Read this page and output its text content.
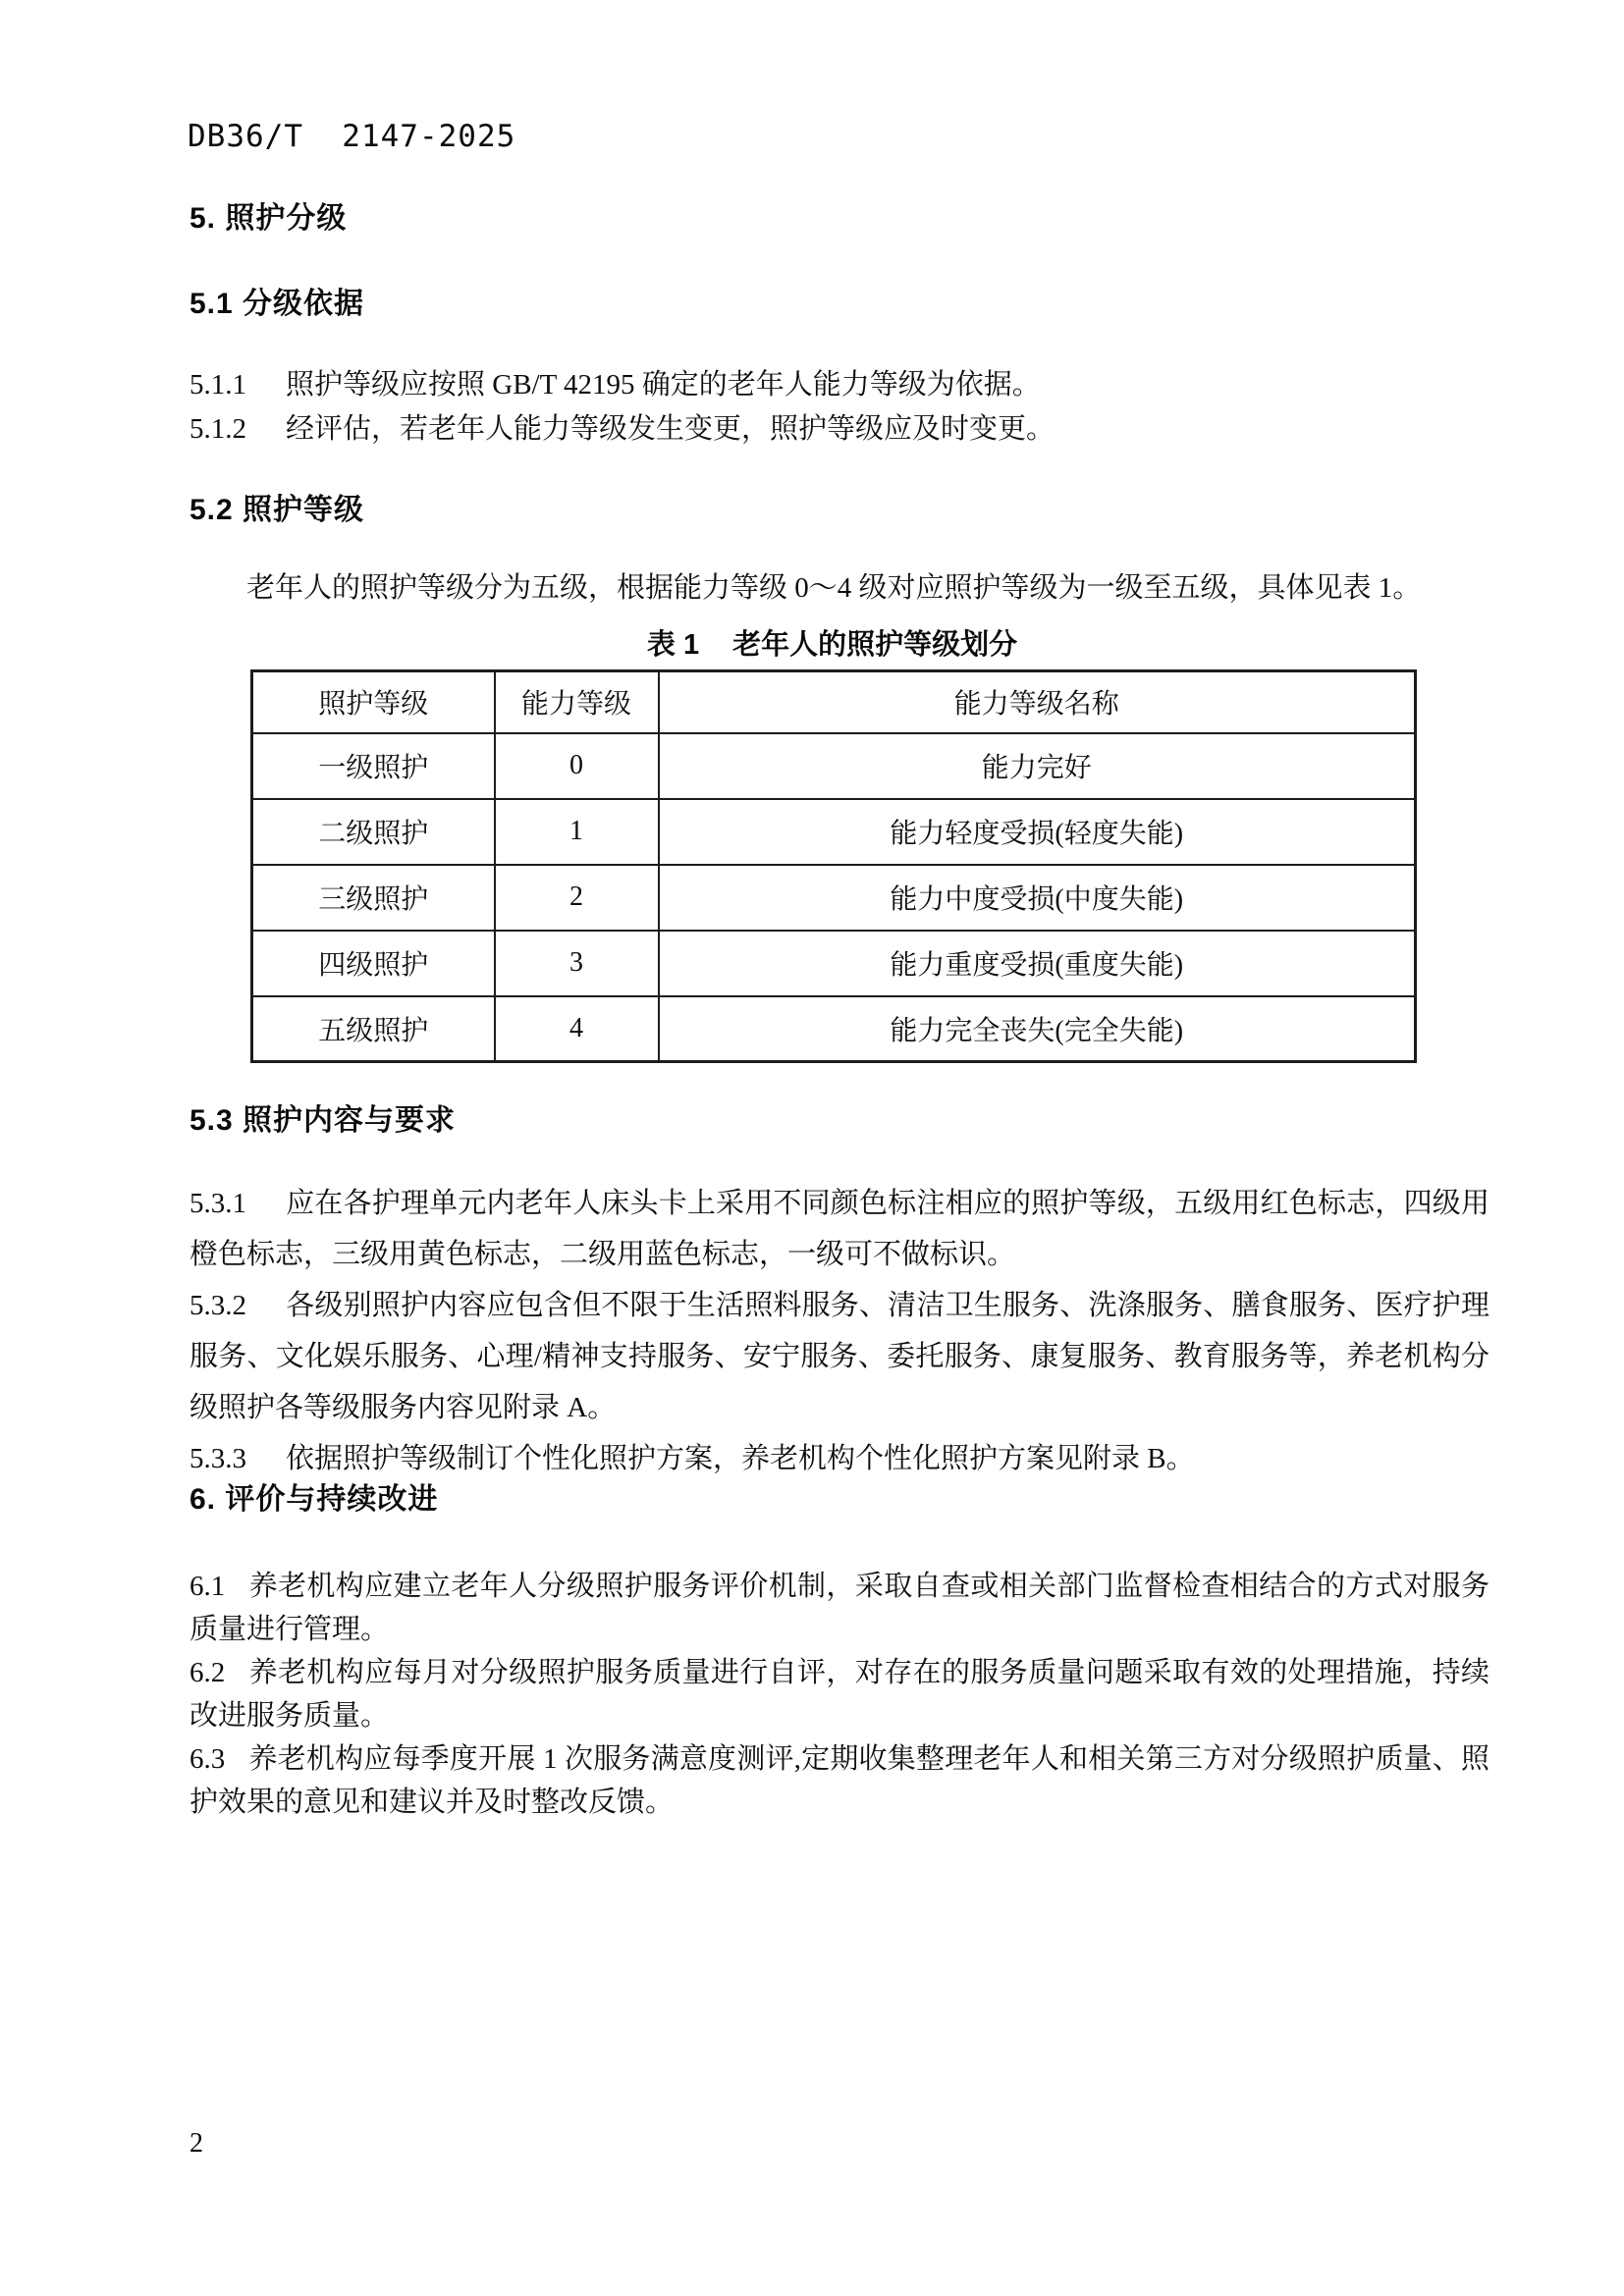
DB36/T  2147-2025
5. 照护分级
5.1 分级依据

5.1.1 照护等级应按照 GB/T 42195 确定的老年人能力等级为依据。

5.1.2 经评估，若老年人能力等级发生变更，照护等级应及时变更。

5.2 照护等级
老年人的照护等级分为五级，根据能力等级 0～4 级对应照护等级为一级至五级，具体见表 1。
表 1 老年人的照护等级划分
照护等级	能力等级	能力等级名称
一级照护	0	能力完好
二级照护	1	能力轻度受损(轻度失能)
三级照护	2	能力中度受损(中度失能)
四级照护	3	能力重度受损(重度失能)
五级照护	4	能力完全丧失(完全失能)
5.3 照护内容与要求

5.3.1 应在各护理单元内老年人床头卡上采用不同颜色标注相应的照护等级，五级用红色标志，四级用橙色标志，三级用黄色标志，二级用蓝色标志，一级可不做标识。

5.3.2 各级别照护内容应包含但不限于生活照料服务、清洁卫生服务、洗涤服务、膳食服务、医疗护理服务、文化娱乐服务、心理/精神支持服务、安宁服务、委托服务、康复服务、教育服务等，养老机构分级照护各等级服务内容见附录 A。

5.3.3 依据照护等级制订个性化照护方案，养老机构个性化照护方案见附录 B。

6. 评价与持续改进

6.1 养老机构应建立老年人分级照护服务评价机制，采取自查或相关部门监督检查相结合的方式对服务质量进行管理。

6.2 养老机构应每月对分级照护服务质量进行自评，对存在的服务质量问题采取有效的处理措施，持续改进服务质量。

6.3 养老机构应每季度开展 1 次服务满意度测评,定期收集整理老年人和相关第三方对分级照护质量、照护效果的意见和建议并及时整改反馈。

2
